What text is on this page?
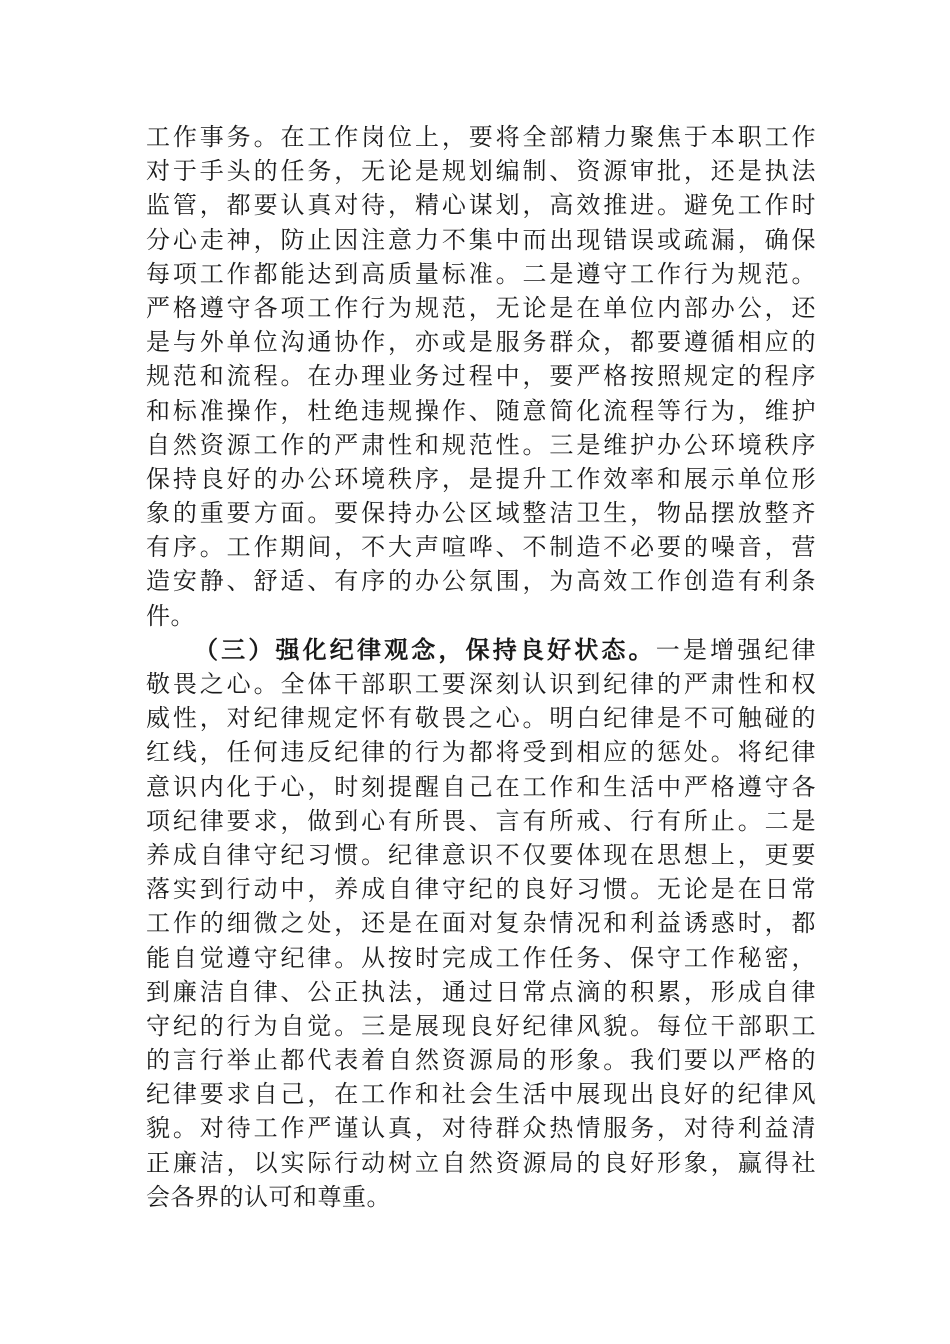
工作事务。在工作岗位上，要将全部精力聚焦于本职工作
对于手头的任务，无论是规划编制、资源审批，还是执法
监管，都要认真对待，精心谋划，高效推进。避免工作时
分心走神，防止因注意力不集中而出现错误或疏漏，确保
每项工作都能达到高质量标准。二是遵守工作行为规范。
严格遵守各项工作行为规范，无论是在单位内部办公，还
是与外单位沟通协作，亦或是服务群众，都要遵循相应的
规范和流程。在办理业务过程中，要严格按照规定的程序
和标准操作，杜绝违规操作、随意简化流程等行为，维护
自然资源工作的严肃性和规范性。三是维护办公环境秩序
保持良好的办公环境秩序，是提升工作效率和展示单位形
象的重要方面。要保持办公区域整洁卫生，物品摆放整齐
有序。工作期间，不大声喧哗、不制造不必要的噪音，营
造安静、舒适、有序的办公氛围，为高效工作创造有利条
件。
（三）强化纪律观念，保持良好状态。一是增强纪律
敬畏之心。全体干部职工要深刻认识到纪律的严肃性和权
威性，对纪律规定怀有敬畏之心。明白纪律是不可触碰的
红线，任何违反纪律的行为都将受到相应的惩处。将纪律
意识内化于心，时刻提醒自己在工作和生活中严格遵守各
项纪律要求，做到心有所畏、言有所戒、行有所止。二是
养成自律守纪习惯。纪律意识不仅要体现在思想上，更要
落实到行动中，养成自律守纪的良好习惯。无论是在日常
工作的细微之处，还是在面对复杂情况和利益诱惑时，都
能自觉遵守纪律。从按时完成工作任务、保守工作秘密，
到廉洁自律、公正执法，通过日常点滴的积累，形成自律
守纪的行为自觉。三是展现良好纪律风貌。每位干部职工
的言行举止都代表着自然资源局的形象。我们要以严格的
纪律要求自己，在工作和社会生活中展现出良好的纪律风
貌。对待工作严谨认真，对待群众热情服务，对待利益清
正廉洁，以实际行动树立自然资源局的良好形象，赢得社
会各界的认可和尊重。
